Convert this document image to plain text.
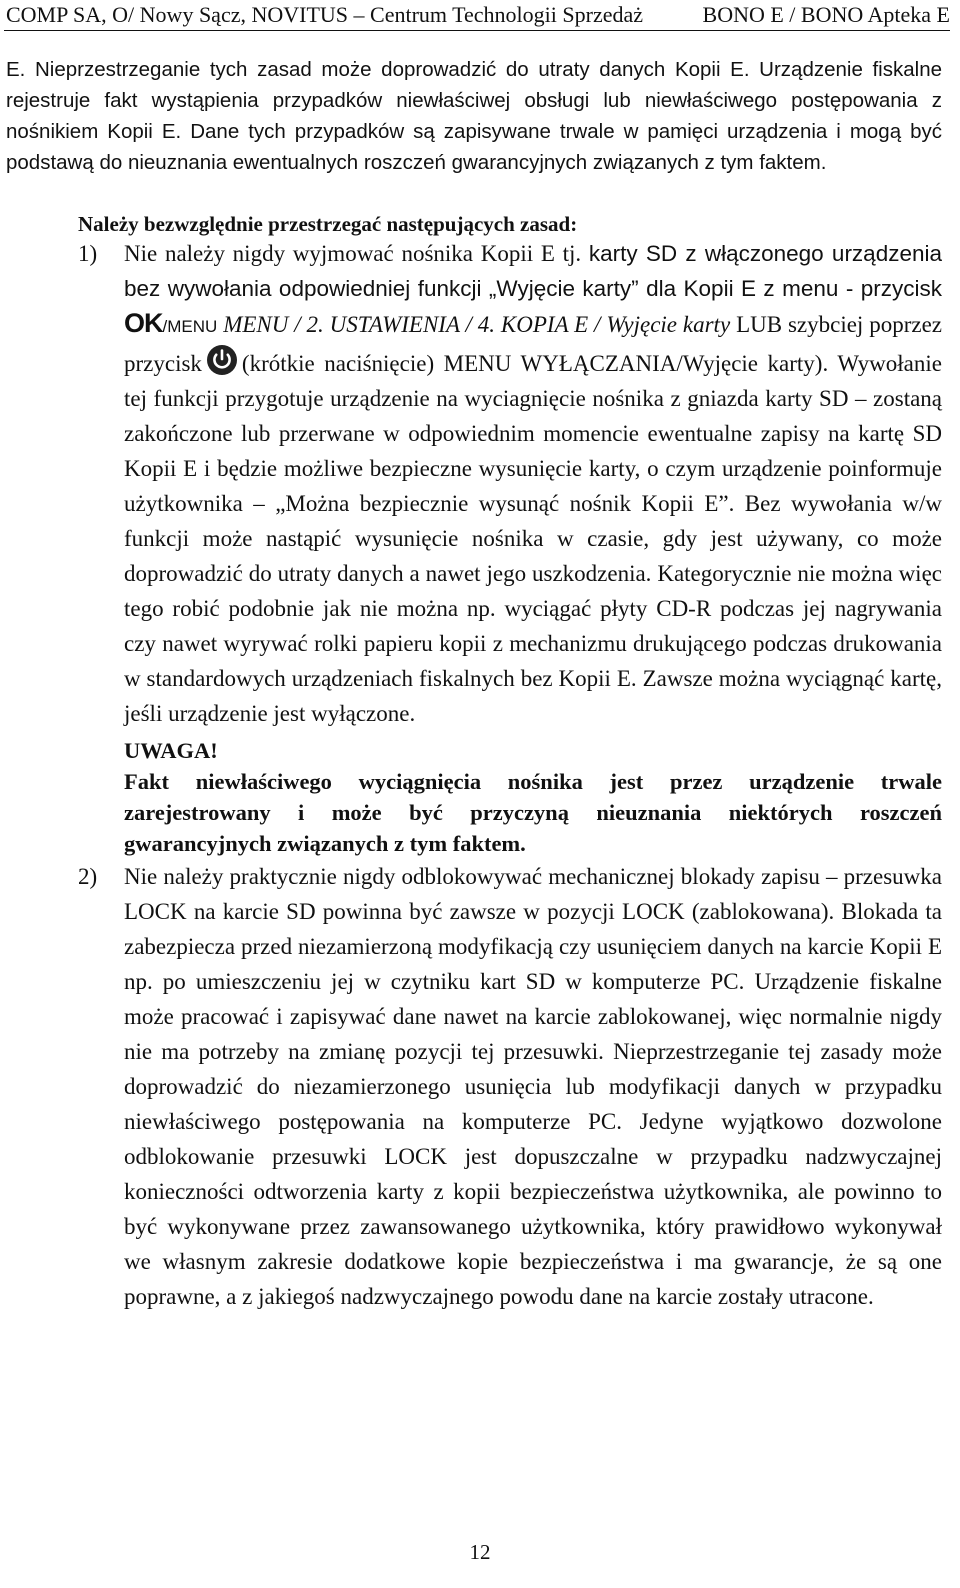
COMP SA, O/ Nowy Sącz, NOVITUS – Centrum Technologii Sprzedaż	BONO E / BONO Apteka E

E. Nieprzestrzeganie tych zasad może doprowadzić do utraty danych Kopii E. Urządzenie fiskalne rejestruje fakt wystąpienia przypadków niewłaściwej obsługi lub niewłaściwego postępowania z nośnikiem Kopii E. Dane tych przypadków są zapisywane trwale w pamięci urządzenia i mogą być podstawą do nieuznania ewentualnych roszczeń gwarancyjnych związanych z tym faktem.

Należy bezwzględnie przestrzegać następujących zasad:
1)	Nie należy nigdy wyjmować nośnika Kopii E tj. karty SD z włączonego urządzenia bez wywołania odpowiedniej funkcji „Wyjęcie karty” dla Kopii E z menu - przycisk OK/MENU MENU / 2. USTAWIENIA / 4. KOPIA E / Wyjęcie karty LUB szybciej poprzez przycisk (krótkie naciśnięcie) MENU WYŁĄCZANIA/Wyjęcie karty). Wywołanie tej funkcji przygotuje urządzenie na wyciagnięcie nośnika z gniazda karty SD – zostaną zakończone lub przerwane w odpowiednim momencie ewentualne zapisy na kartę SD Kopii E i będzie możliwe bezpieczne wysunięcie karty, o czym urządzenie poinformuje użytkownika – „Można bezpiecznie wysunąć nośnik Kopii E”. Bez wywołania w/w funkcji może nastąpić wysunięcie nośnika w czasie, gdy jest używany, co może doprowadzić do utraty danych a nawet jego uszkodzenia. Kategorycznie nie można więc tego robić podobnie jak nie można np. wyciągać płyty CD-R podczas jej nagrywania czy nawet wyrywać rolki papieru kopii z mechanizmu drukującego podczas drukowania w standardowych urządzeniach fiskalnych bez Kopii E. Zawsze można wyciągnąć kartę, jeśli urządzenie jest wyłączone.

UWAGA!

Fakt niewłaściwego wyciągnięcia nośnika jest przez urządzenie trwale zarejestrowany i może być przyczyną nieuznania niektórych roszczeń gwarancyjnych związanych z tym faktem.

2)	Nie należy praktycznie nigdy odblokowywać mechanicznej blokady zapisu – przesuwka LOCK na karcie SD powinna być zawsze w pozycji LOCK (zablokowana). Blokada ta zabezpiecza przed niezamierzoną modyfikacją czy usunięciem danych na karcie Kopii E np. po umieszczeniu jej w czytniku kart SD w komputerze PC. Urządzenie fiskalne może pracować i zapisywać dane nawet na karcie zablokowanej, więc normalnie nigdy nie ma potrzeby na zmianę pozycji tej przesuwki. Nieprzestrzeganie tej zasady może doprowadzić do niezamierzonego usunięcia lub modyfikacji danych w przypadku niewłaściwego postępowania na komputerze PC. Jedyne wyjątkowo dozwolone odblokowanie przesuwki LOCK jest dopuszczalne w przypadku nadzwyczajnej konieczności odtworzenia karty z kopii bezpieczeństwa użytkownika, ale powinno to być wykonywane przez zawansowanego użytkownika, który prawidłowo wykonywał we własnym zakresie dodatkowe kopie bezpieczeństwa i ma gwarancje, że są one poprawne, a z jakiegoś nadzwyczajnego powodu dane na karcie zostały utracone.

12
